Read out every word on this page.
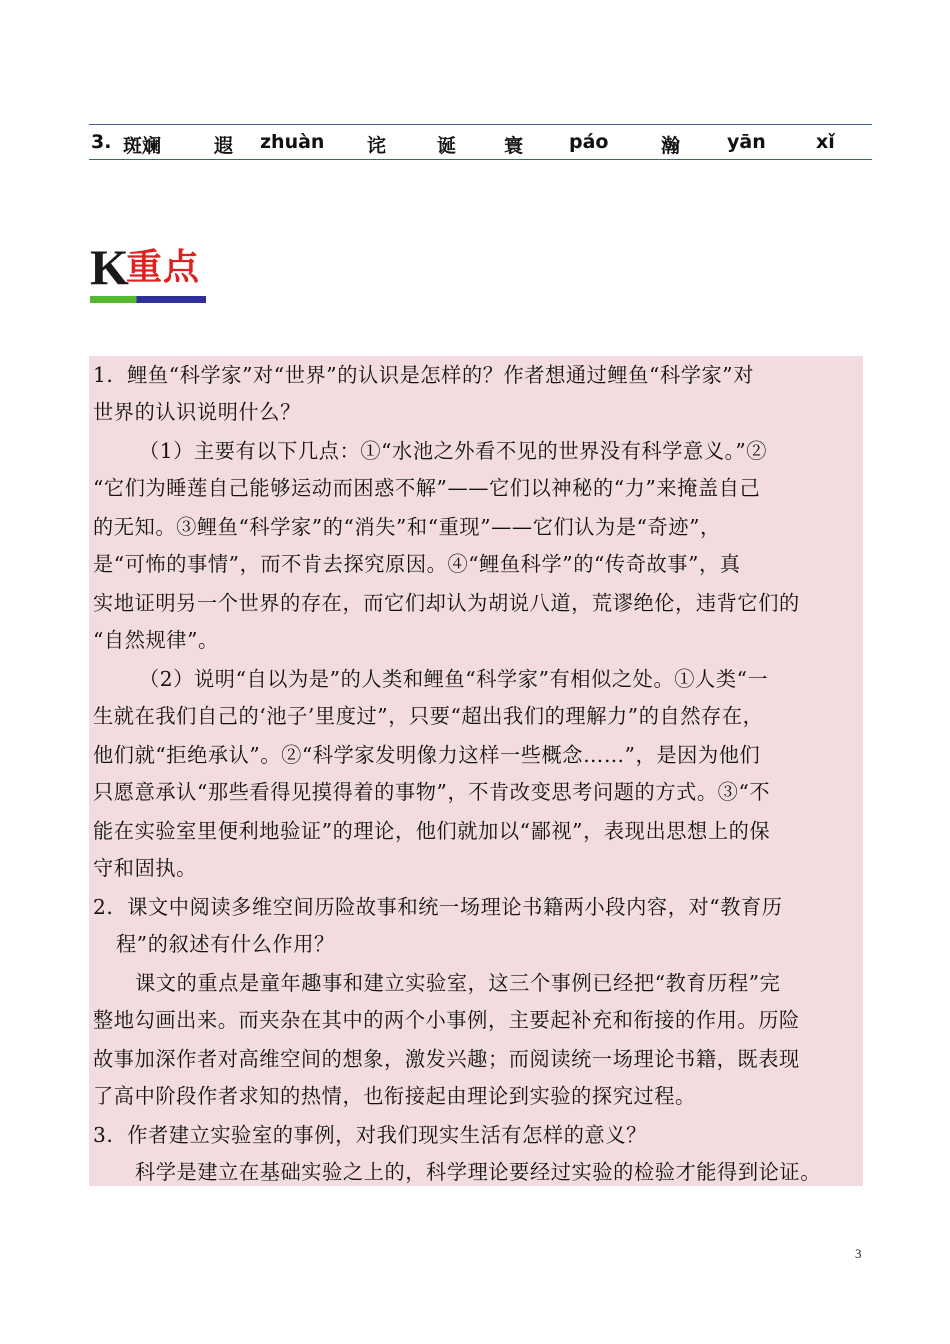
3. 斑斓	遐 zhuàn 诧	诞	寰 páo	瀚 yān	xǐ
K
重点
1．鲤鱼“科学家”对“世界”的认识是怎样的？作者想通过鲤鱼“科学家”对
世界的认识说明什么？
（1）主要有以下几点：①“水池之外看不见的世界没有科学意义。”②
“它们为睡莲自己能够运动而困惑不解”——它们以神秘的“力”来掩盖自己
的无知。③鲤鱼“科学家”的“消失”和“重现”——它们认为是“奇迹”，
是“可怖的事情”，而不肯去探究原因。④“鲤鱼科学”的“传奇故事”，真
实地证明另一个世界的存在，而它们却认为胡说八道，荒谬绝伦，违背它们的
“自然规律”。
（2）说明“自以为是”的人类和鲤鱼“科学家”有相似之处。①人类“一
生就在我们自己的‘池子’里度过”，只要“超出我们的理解力”的自然存在，
他们就“拒绝承认”。②“科学家发明像力这样一些概念……”，是因为他们
只愿意承认“那些看得见摸得着的事物”，不肯改变思考问题的方式。③“不
能在实验室里便利地验证”的理论，他们就加以“鄙视”，表现出思想上的保
守和固执。
2．课文中阅读多维空间历险故事和统一场理论书籍两小段内容，对“教育历
程”的叙述有什么作用？
课文的重点是童年趣事和建立实验室，这三个事例已经把“教育历程”完
整地勾画出来。而夹杂在其中的两个小事例，主要起补充和衔接的作用。历险
故事加深作者对高维空间的想象，激发兴趣；而阅读统一场理论书籍，既表现
了高中阶段作者求知的热情，也衔接起由理论到实验的探究过程。
3．作者建立实验室的事例，对我们现实生活有怎样的意义？
科学是建立在基础实验之上的，科学理论要经过实验的检验才能得到论证。
3
